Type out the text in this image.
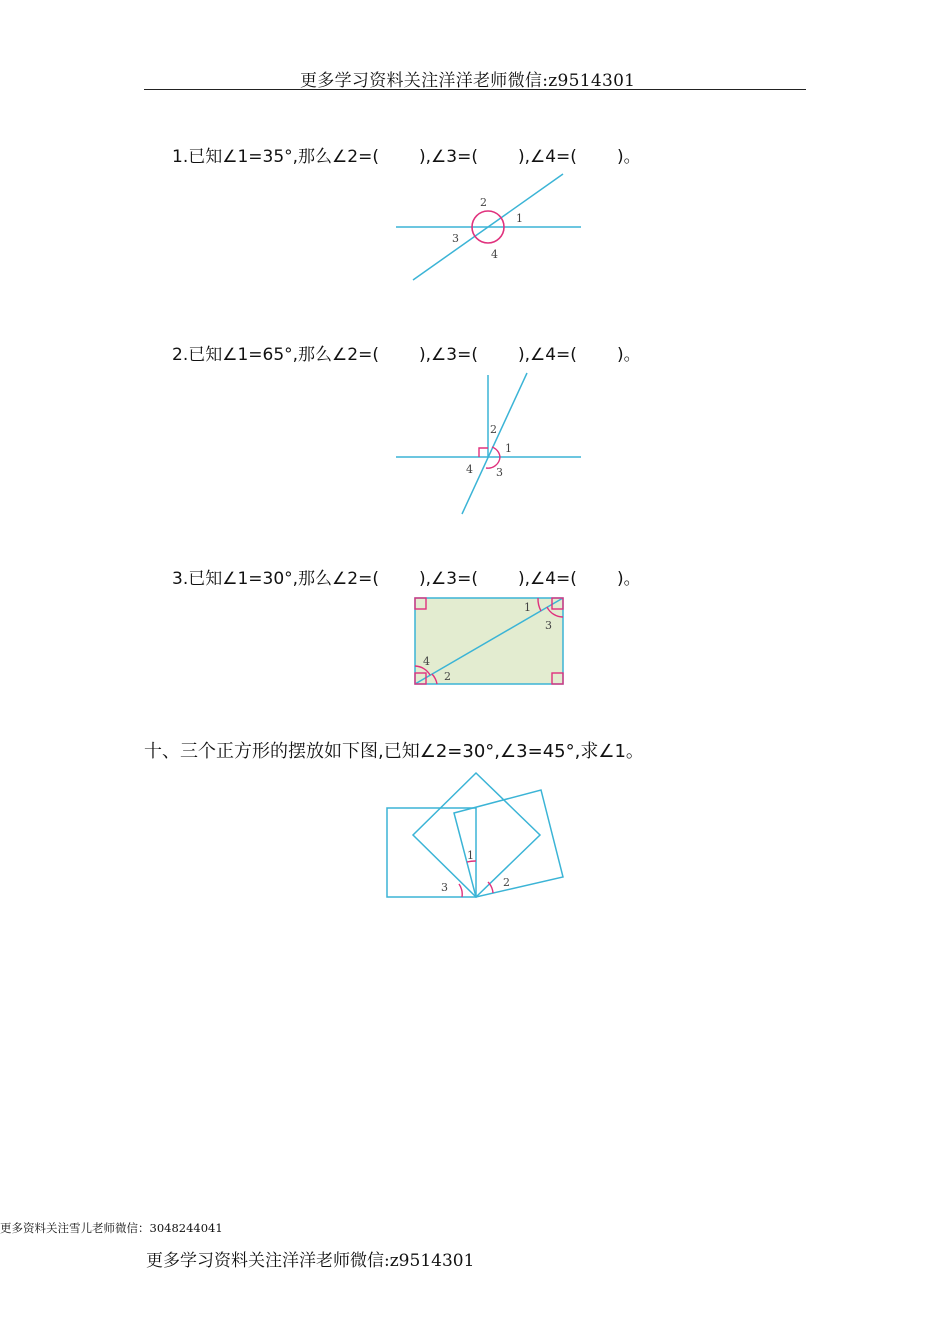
更多学习资料关注洋洋老师微信:z9514301
1.已知∠1=35°,那么∠2=( ),∠3=( ),∠4=( )。
2.已知∠1=65°,那么∠2=( ),∠3=( ),∠4=( )。
3.已知∠1=30°,那么∠2=( ),∠3=( ),∠4=( )。
十、三个正方形的摆放如下图,已知∠2=30°,∠3=45°,求∠1。
1
2
3
4
1
2
3
4
1
2
3
4
1
2
3
更多资料关注雪儿老师微信：3048244041
更多学习资料关注洋洋老师微信:z9514301
